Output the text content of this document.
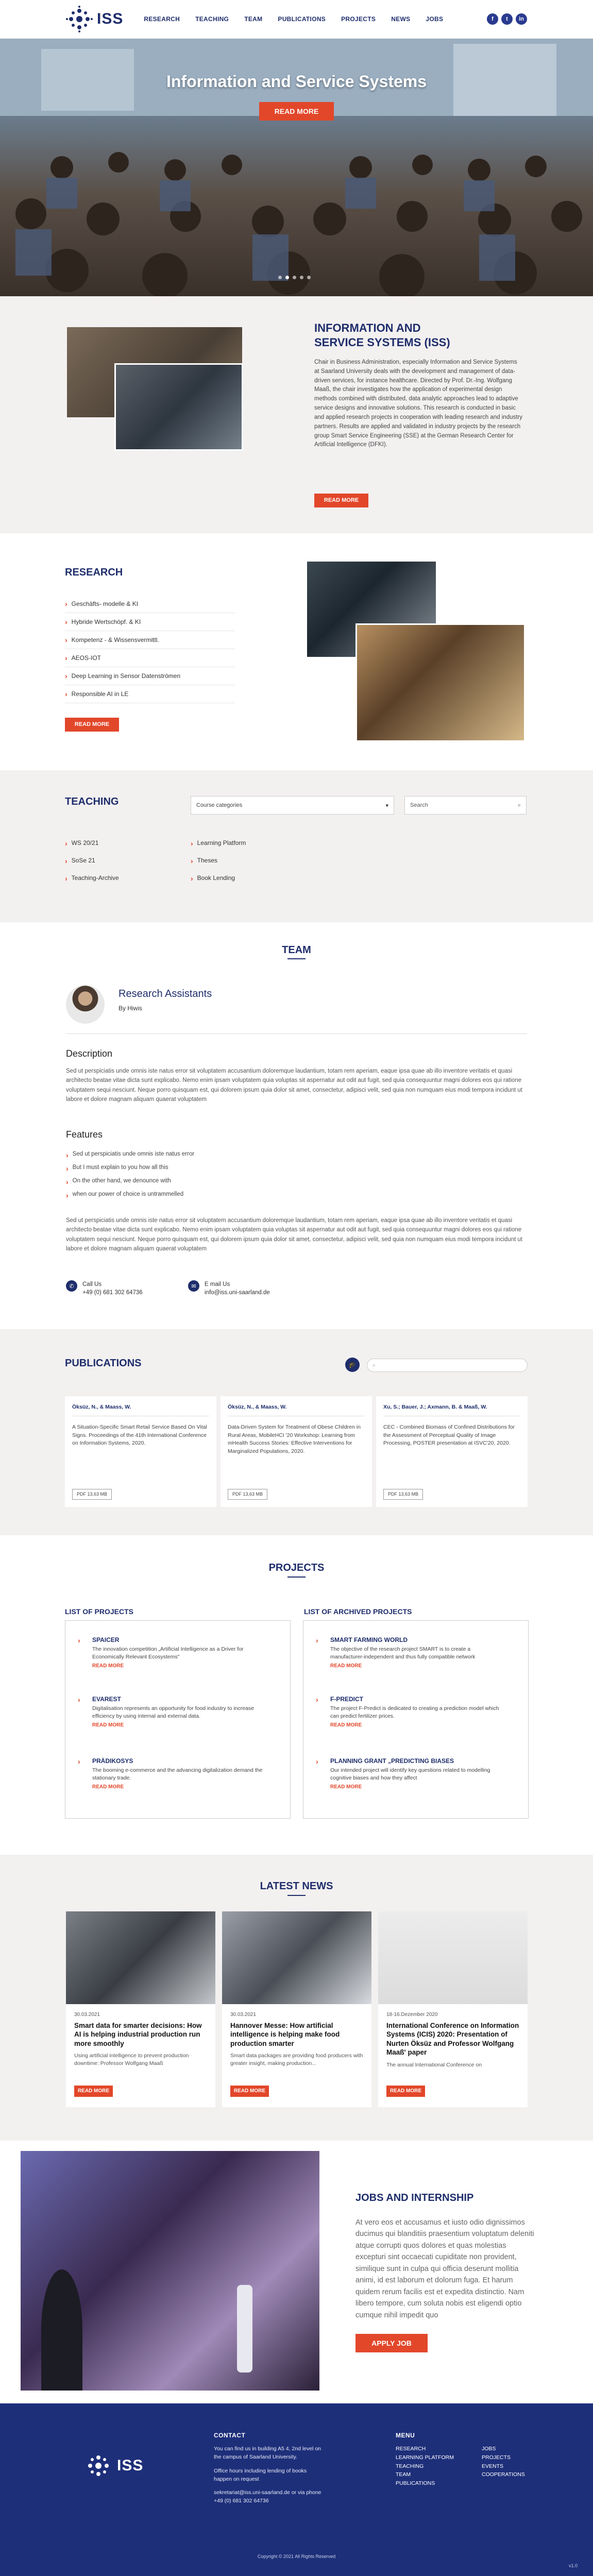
ISS	RESEARCH	TEACHING	TEAM	PUBLICATIONS	PROJECTS	NEWS	JOBS	f	t	in
Information and Service Systems
READ MORE
INFORMATION AND SERVICE SYSTEMS (ISS)
Chair in Business Administration, especially Information and Service Systems at Saarland University deals with the development and management of data-driven services, for instance healthcare. Directed by Prof. Dr.-Ing. Wolfgang Maaß, the chair investigates how the application of experimental design methods combined with distributed, data analytic approaches lead to adaptive service designs and innovative solutions. This research is conducted in basic and applied research projects in cooperation with leading research and industry partners. Results are applied and validated in industry projects by the research group Smart Service Engineering (SSE) at the German Research Center for Artificial Intelligence (DFKI).
READ MORE
RESEARCH
› Geschäfts- modelle & KI
› Hybride Wertschöpf. & KI
› Kompetenz - & Wissensvermittl.
› AEOS-IOT
› Deep Learning in Sensor Datenströmen
› Responsible AI in LE
READ MORE
TEACHING	Course categories	▾	Search	⌕
› WS 20/21
› SoSe 21
› Teaching-Archive
› Learning Platform
› Theses
› Book Lending
TEAM
Research Assistants
By Hiwis
Description
Sed ut perspiciatis unde omnis iste natus error sit voluptatem accusantium doloremque laudantium, totam rem aperiam, eaque ipsa quae ab illo inventore veritatis et quasi architecto beatae vitae dicta sunt explicabo. Nemo enim ipsam voluptatem quia voluptas sit aspernatur aut odit aut fugit, sed quia consequuntur magni dolores eos qui ratione voluptatem sequi nesciunt. Neque porro quisquam est, qui dolorem ipsum quia dolor sit amet, consectetur, adipisci velit, sed quia non numquam eius modi tempora incidunt ut labore et dolore magnam aliquam quaerat voluptatem
Features
› Sed ut perspiciatis unde omnis iste natus error
› But I must explain to you how all this
› On the other hand, we denounce with
› when our power of choice is untrammelled
Sed ut perspiciatis unde omnis iste natus error sit voluptatem accusantium doloremque laudantium, totam rem aperiam, eaque ipsa quae ab illo inventore veritatis et quasi architecto beatae vitae dicta sunt explicabo. Nemo enim ipsam voluptatem quia voluptas sit aspernatur aut odit aut fugit, sed quia consequuntur magni dolores eos qui ratione voluptatem sequi nesciunt. Neque porro quisquam est, qui dolorem ipsum quia dolor sit amet, consectetur, adipisci velit, sed quia non numquam eius modi tempora incidunt ut labore et dolore magnam aliquam quaerat voluptatem
✆	Call Us
+49 (0) 681 302 64736
✉	E mail Us
info@iss.uni-saarland.de
PUBLICATIONS	🎓	⌕
Öksüz, N., & Maass, W.
A Situation-Specific Smart Retail Service Based On Vital Signs. Proceedings of the 41th International Conference on Information Systems, 2020.
PDF 13,63 MB
Öksüz, N., & Maass, W.
Data-Driven System for Treatment of Obese Children in Rural Areas, MobileHCI '20 Workshop: Learning from mHealth Success Stories: Effective Interventions for Marginalized Populations, 2020.
PDF 13,63 MB
Xu, S.; Bauer, J.; Axmann, B. & Maaß, W.
CEC - Combined Biomass of Confined Distributions for the Assessment of Perceptual Quality of Image Processing, POSTER presentation at ISVC'20, 2020.
PDF 13,63 MB
PROJECTS
LIST OF PROJECTS	LIST OF ARCHIVED PROJECTS
› SPAICER
The innovation competition „Artificial Intelligence as a Driver for Economically Relevant Ecosystems"
READ MORE
› EVAREST
Digitalisation represents an opportunity for food industry to increase efficiency by using internal and external data.
READ MORE
› PRÄDIKOSYS
The booming e-commerce and the advancing digitalization demand the stationary trade.
READ MORE
› SMART FARMING WORLD
The objective of the research project SMART is to create a manufacturer-independent and thus fully compatible network
READ MORE
› F-PREDICT
The project F-Predict is dedicated to creating a prediction model which can predict fertilizer prices.
READ MORE
› PLANNING GRANT „PREDICTING BIASES
Our intended project will identify key questions related to modelling cognitive biases and how they affect
READ MORE
LATEST NEWS
30.03.2021
Smart data for smarter decisions: How AI is helping industrial production run more smoothly
Using artificial intelligence to prevent production downtime: Professor Wolfgang Maaß
READ MORE
30.03.2021
Hannover Messe: How artificial intelligence is helping make food production smarter
Smart data packages are providing food producers with greater insight, making production...
READ MORE
18-16.Dezember 2020
International Conference on Information Systems (ICIS) 2020: Presentation of Nurten Öksüz and Professor Wolfgang Maaß' paper
The annual International Conference on
READ MORE
JOBS AND INTERNSHIP
At vero eos et accusamus et iusto odio dignissimos ducimus qui blanditiis praesentium voluptatum deleniti atque corrupti quos dolores et quas molestias excepturi sint occaecati cupiditate non provident, similique sunt in culpa qui officia deserunt mollitia animi, id est laborum et dolorum fuga. Et harum quidem rerum facilis est et expedita distinctio. Nam libero tempore, cum soluta nobis est eligendi optio cumque nihil impedit quo
APPLY JOB
ISS
CONTACT
You can find us in building A5 4, 2nd level on the campus of Saarland University.
Office hours including lending of books happen on request
sekretariat@iss.uni-saarland.de or via phone +49 (0) 681 302 64736
MENU
RESEARCH
LEARNING PLATFORM
TEACHING
TEAM
PUBLICATIONS
JOBS
PROJECTS
EVENTS
COOPERATIONS
Copyright © 2021 All Rights Reserved
v1.0
